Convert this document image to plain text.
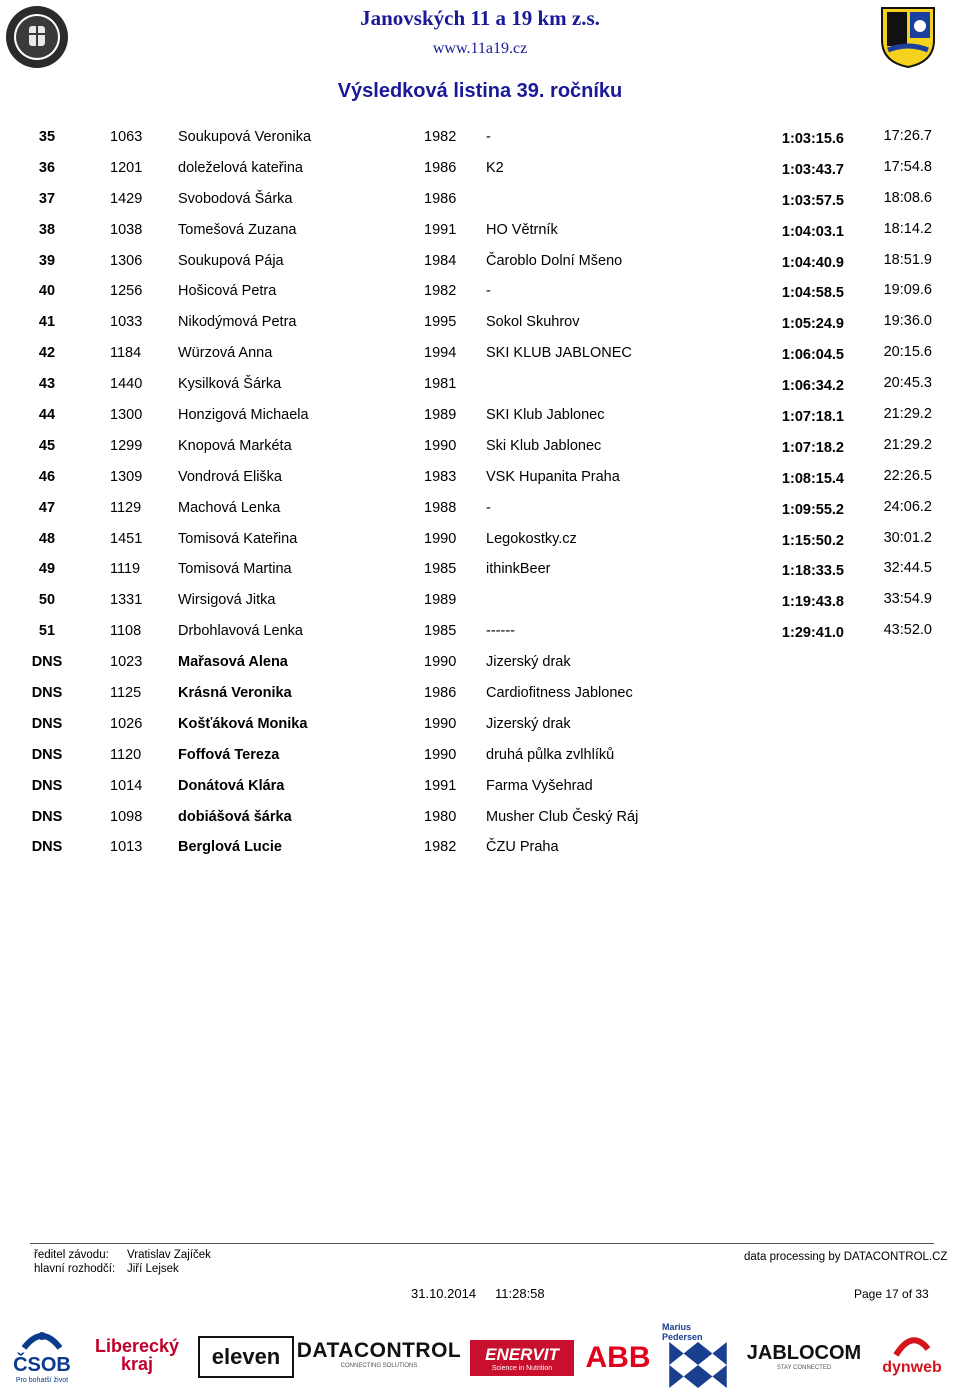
Janovských 11 a 19 km z.s.
www.11a19.cz
Výsledková listina 39. ročníku
35	1063 Soukupová Veronika	1982 -	1:03:15.6	17:26.7
36	1201 doleželová kateřina	1986 K2	1:03:43.7	17:54.8
37	1429 Svobodová Šárka	1986	1:03:57.5	18:08.6
38	1038 Tomešová Zuzana	1991 HO Větrník	1:04:03.1	18:14.2
39	1306 Soukupová Pája	1984 Čaroblo Dolní Mšeno	1:04:40.9	18:51.9
40	1256 Hošicová Petra	1982 -	1:04:58.5	19:09.6
41	1033 Nikodýmová Petra	1995 Sokol Skuhrov	1:05:24.9	19:36.0
42	1184	Würzová Anna	1994 SKI KLUB JABLONEC	1:06:04.5	20:15.6
43	1440 Kysilková Šárka	1981	1:06:34.2	20:45.3
44	1300 Honzigová Michaela	1989 SKI Klub Jablonec	1:07:18.1	21:29.2
45	1299 Knopová Markéta	1990 Ski Klub Jablonec	1:07:18.2	21:29.2
46	1309 Vondrová Eliška	1983 VSK Hupanita Praha	1:08:15.4	22:26.5
47	1129	Machová Lenka	1988 -	1:09:55.2	24:06.2
48	1451 Tomisová Kateřina	1990 Legokostky.cz	1:15:50.2	30:01.2
49	1119	Tomisová Martina	1985 ithinkBeer	1:18:33.5	32:44.5
50	1331 Wirsigová Jitka	1989	1:19:43.8	33:54.9
51	1108	Drbohlavová Lenka	1985 ------	1:29:41.0	43:52.0
DNS	1023 Mařasová Alena	1990 Jizerský drak
DNS	1125	Krásná Veronika	1986 Cardiofitness Jablonec
DNS	1026 Košťáková Monika	1990 Jizerský drak
DNS	1120	Foffová Tereza	1990 druhá půlka zvlhlíků
DNS	1014 Donátová Klára	1991 Farma Vyšehrad
DNS	1098 dobiášová šárka	1980 Musher Club Český Ráj
DNS	1013 Berglová Lucie	1982 ČZU Praha
ředitel závodu: Vratislav Zajíček
hlavní rozhodčí: Jiří Lejsek
data processing by DATACONTROL.CZ
31.10.2014 11:28:58	Page 17 of 33
ČSOB
Pro bohatší život
Liberecký kraj	eleven DATACONTROL
CONNECTING SOLUTIONS
ENERVIT
Science in Nutrition ABB
Marius Pedersen
JABLOCOM
STAY CONNECTED	dynweb
